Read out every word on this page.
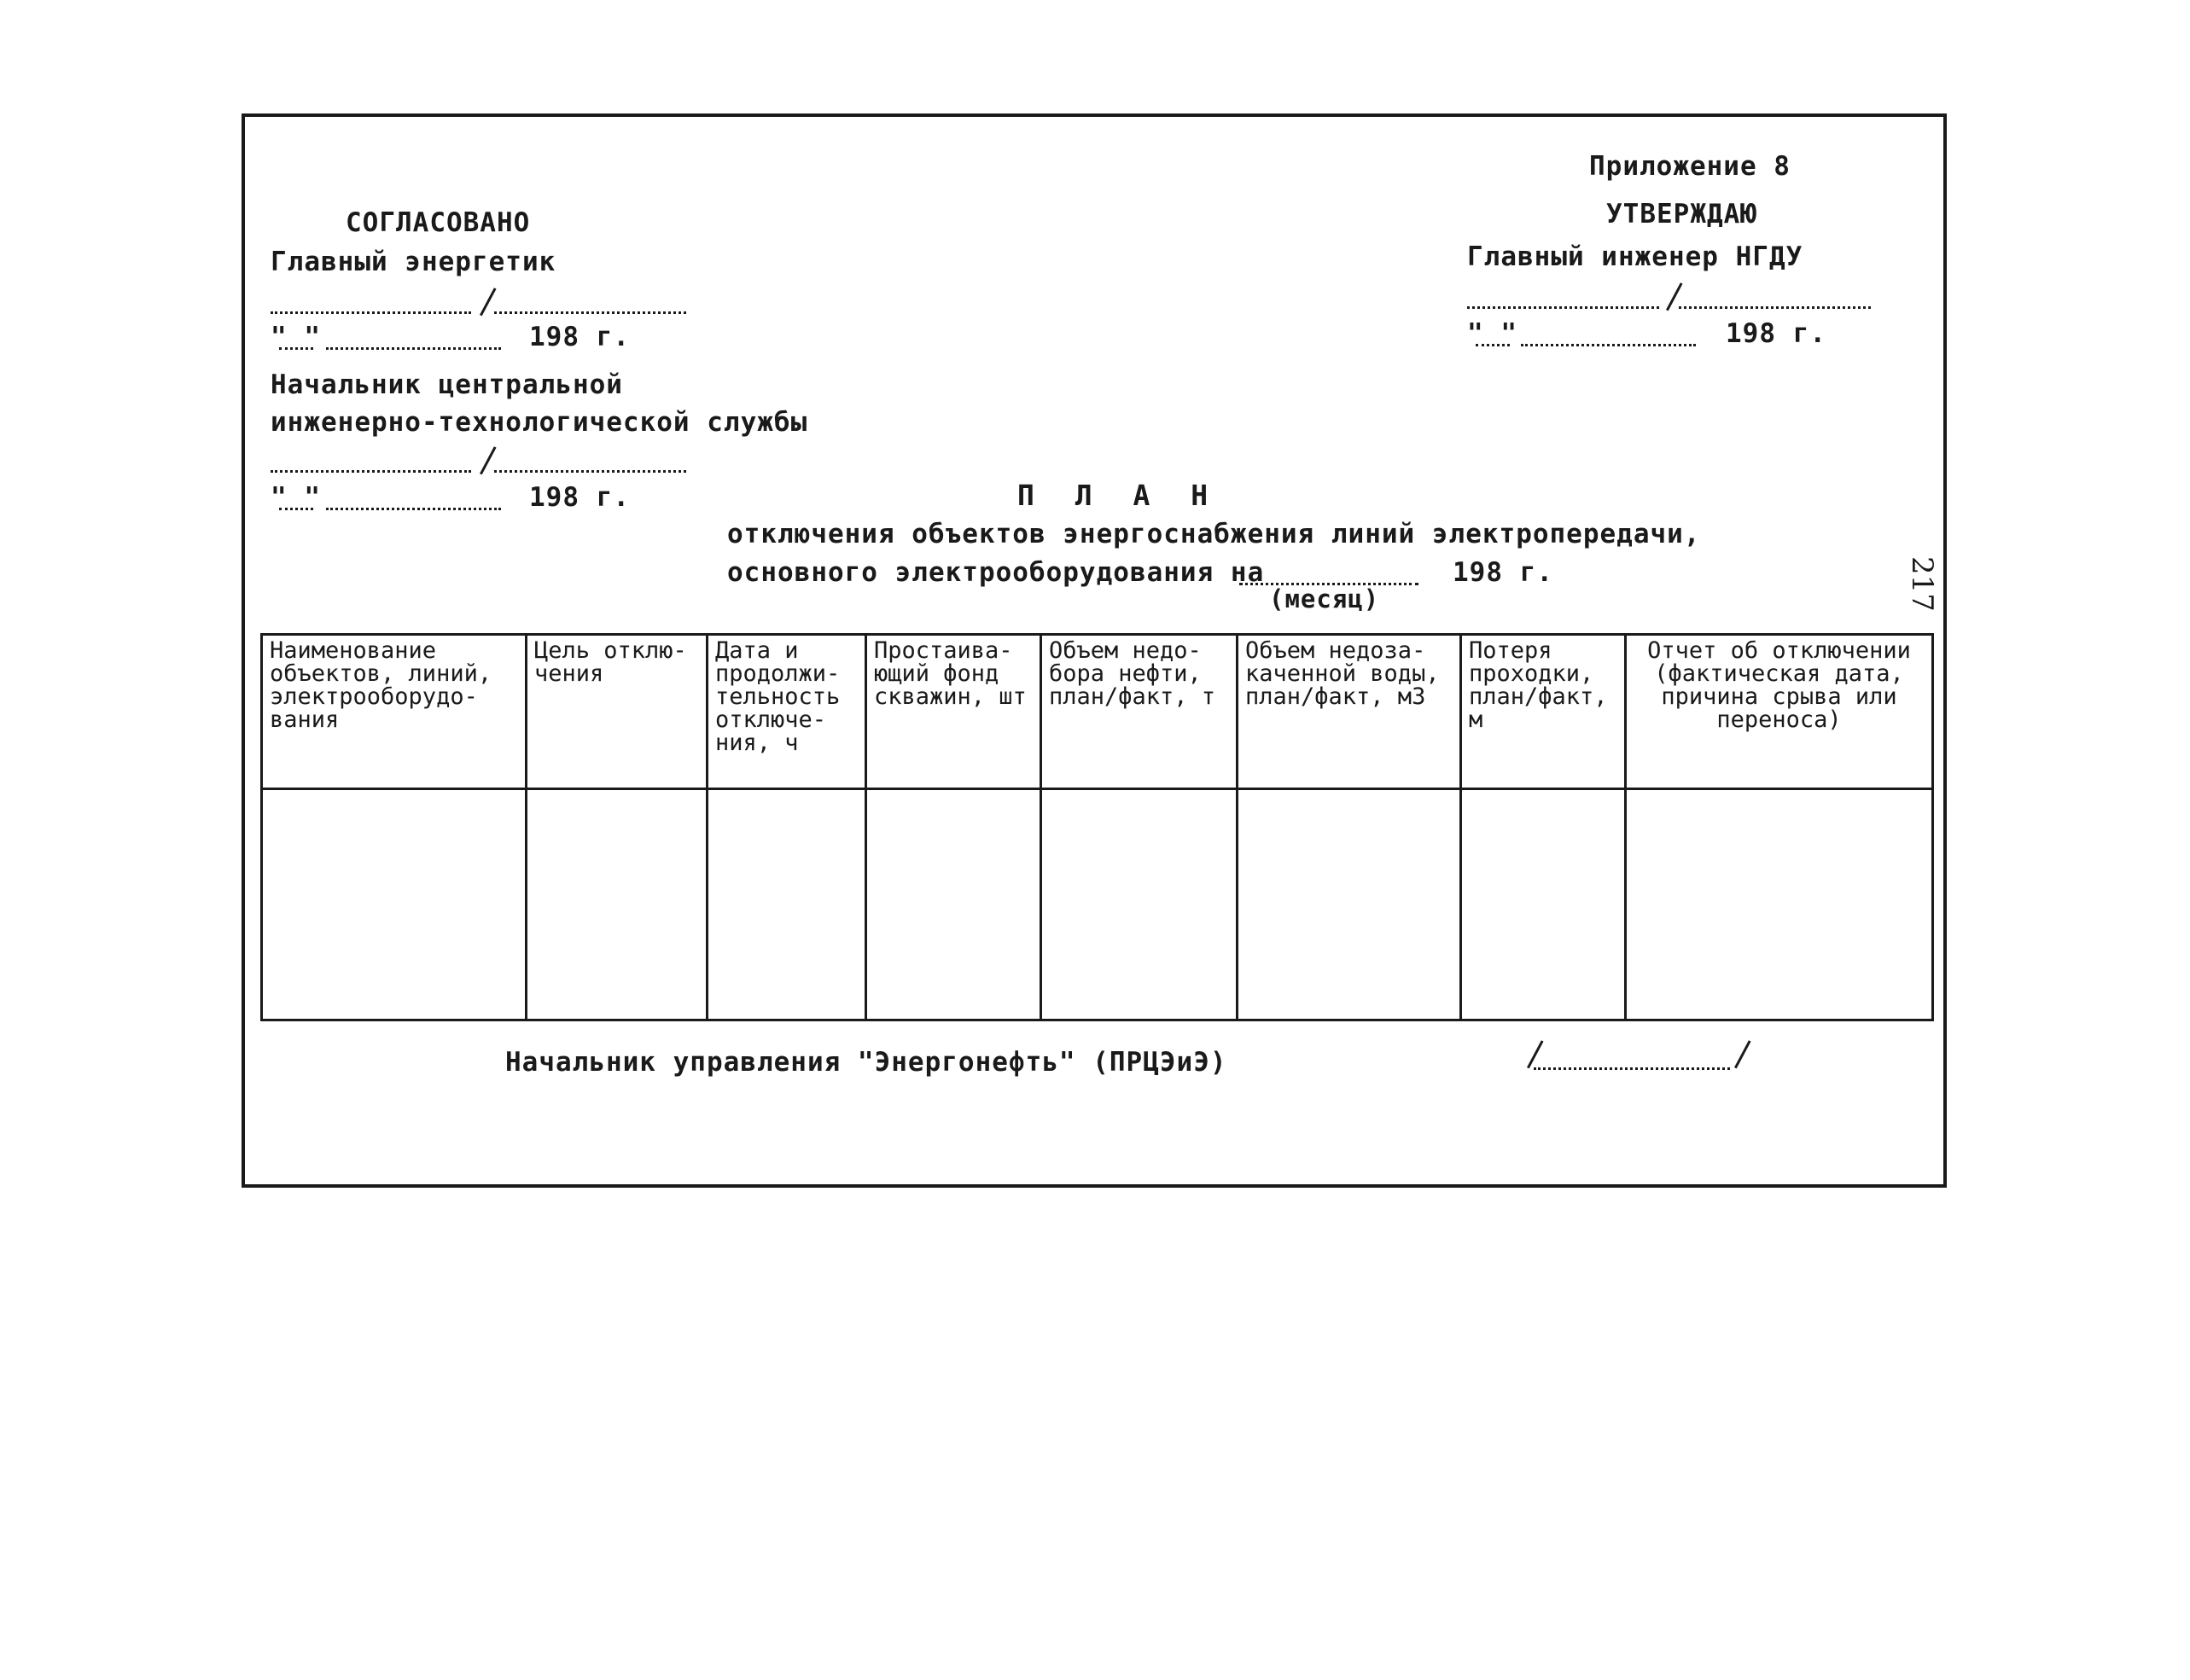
Приложение 8
СОГЛАСОВАНО
Главный энергетик
" "	198 г.
Начальник центральной
инженерно-технологической службы
" "	198 г.
УТВЕРЖДАЮ
Главный инженер НГДУ
" "	198 г.
П Л А Н
отключения объектов энергоснабжения линий электропередачи,
основного электрооборудования на
(месяц)
198 г.
Наименование объектов, линий, электрооборудо- вания	Цель отклю- чения	Дата и продолжи- тельность отключе- ния, ч	Простаива- ющий фонд скважин, шт	Объем недо- бора нефти, план/факт, т	Объем недоза- каченной воды, план/факт, м3	Потеря проходки, план/факт, м	Отчет об отключении (фактическая дата, причина срыва или переноса)

Начальник управления "Энергонефть" (ПРЦЭиЭ)
217
